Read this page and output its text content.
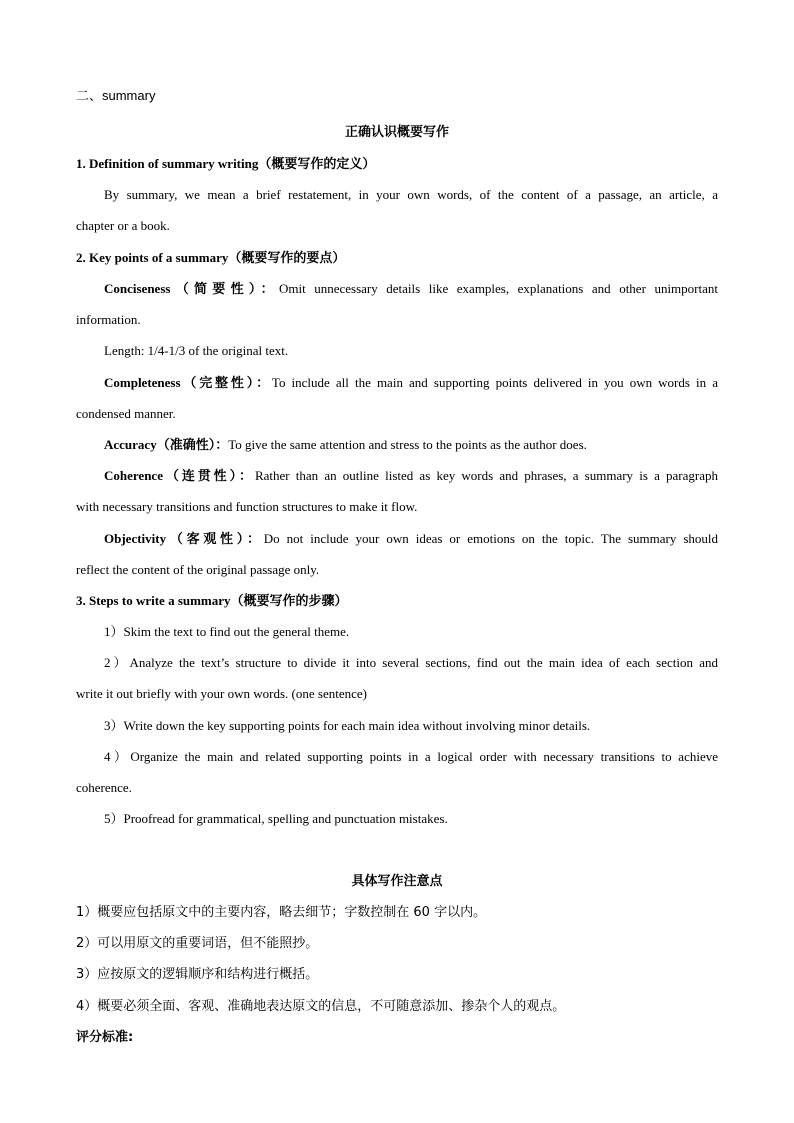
二、summary
正确认识概要写作
1. Definition of summary writing（概要写作的定义）
By summary, we mean a brief restatement, in your own words, of the content of a passage, an article, a
chapter or a book.
2. Key points of a summary（概要写作的要点）
Conciseness（简要性）：Omit unnecessary details like examples, explanations and other unimportant
information.
Length: 1/4-1/3 of the original text.
Completeness（完整性）：To include all the main and supporting points delivered in you own words in a
condensed manner.
Accuracy（准确性）：To give the same attention and stress to the points as the author does.
Coherence（连贯性）：Rather than an outline listed as key words and phrases, a summary is a paragraph
with necessary transitions and function structures to make it flow.
Objectivity（客观性）：Do not include your own ideas or emotions on the topic. The summary should
reflect the content of the original passage only.
3. Steps to write a summary（概要写作的步骤）
1）Skim the text to find out the general theme.
2）Analyze the text’s structure to divide it into several sections, find out the main idea of each section and
write it out briefly with your own words. (one sentence)
3）Write down the key supporting points for each main idea without involving minor details.
4）Organize the main and related supporting points in a logical order with necessary transitions to achieve
coherence.
5）Proofread for grammatical, spelling and punctuation mistakes.
具体写作注意点
1）概要应包括原文中的主要内容，略去细节；字数控制在 60 字以内。
2）可以用原文的重要词语，但不能照抄。
3）应按原文的逻辑顺序和结构进行概括。
4）概要必须全面、客观、准确地表达原文的信息，不可随意添加、掺杂个人的观点。
评分标准:
